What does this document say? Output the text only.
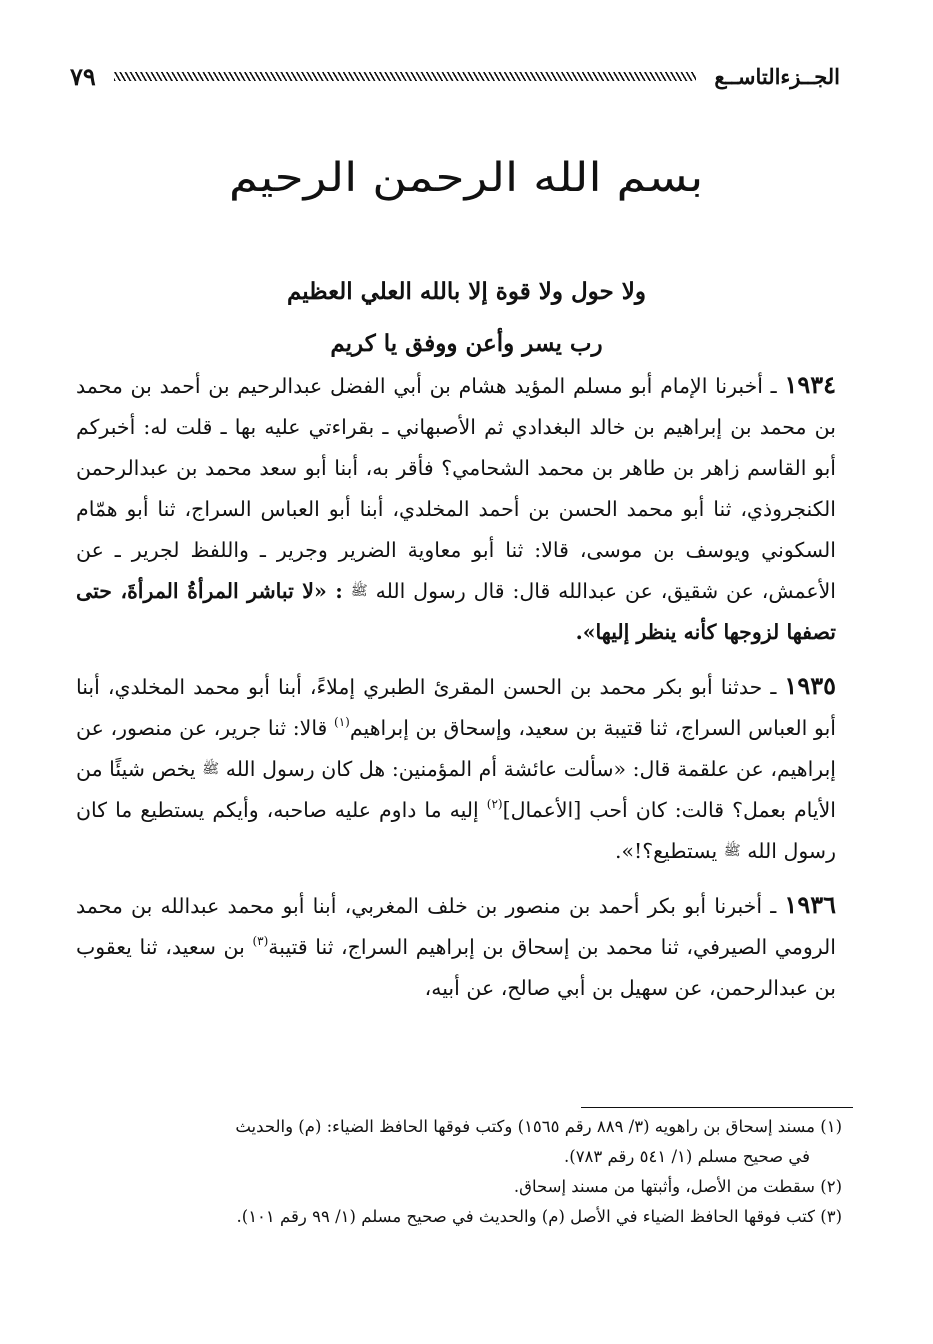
الجــزءالتاســع
٧٩
بسم الله الرحمن الرحيم
ولا حول ولا قوة إلا بالله العلي العظيم
رب يسر وأعن ووفق يا كريم

١٩٣٤ ـ أخبرنا الإمام أبو مسلم المؤيد هشام بن أبي الفضل عبدالرحيم بن أحمد بن محمد بن محمد بن إبراهيم بن خالد البغدادي ثم الأصبهاني ـ بقراءتي عليه بها ـ قلت له: أخبركم أبو القاسم زاهر بن طاهر بن محمد الشحامي؟ فأقر به، أبنا أبو سعد محمد بن عبدالرحمن الكنجروذي، ثنا أبو محمد الحسن بن أحمد المخلدي، أبنا أبو العباس السراج، ثنا أبو همّام السكوني ويوسف بن موسى، قالا: ثنا أبو معاوية الضرير وجرير ـ واللفظ لجرير ـ عن الأعمش، عن شقيق، عن عبدالله قال: قال رسول الله ﷺ : «لا تباشر المرأةُ المرأةَ، حتى تصفها لزوجها كأنه ينظر إليها».

١٩٣٥ ـ حدثنا أبو بكر محمد بن الحسن المقرئ الطبري إملاءً، أبنا أبو محمد المخلدي، أبنا أبو العباس السراج، ثنا قتيبة بن سعيد، وإسحاق بن إبراهيم$^{(١)}$ قالا: ثنا جرير، عن منصور، عن إبراهيم، عن علقمة قال: «سألت عائشة أم المؤمنين: هل كان رسول الله ﷺ يخص شيئًا من الأيام بعمل؟ قالت: كان أحب [الأعمال]$^{(٢)}$ إليه ما داوم عليه صاحبه، وأيكم يستطيع ما كان رسول الله ﷺ يستطيع؟!».

١٩٣٦ ـ أخبرنا أبو بكر أحمد بن منصور بن خلف المغربي، أبنا أبو محمد عبدالله بن محمد الرومي الصيرفي، ثنا محمد بن إسحاق بن إبراهيم السراج، ثنا قتيبة$^{(٣)}$ بن سعيد، ثنا يعقوب بن عبدالرحمن، عن سهيل بن أبي صالح، عن أبيه،

(١) مسند إسحاق بن راهويه (٣/ ٨٨٩ رقم ١٥٦٥) وكتب فوقها الحافظ الضياء: (م) والحديث

في صحيح مسلم (١/ ٥٤١ رقم ٧٨٣).

(٢) سقطت من الأصل، وأثبتها من مسند إسحاق.

(٣) كتب فوقها الحافظ الضياء في الأصل (م) والحديث في صحيح مسلم (١/ ٩٩ رقم ١٠١).
